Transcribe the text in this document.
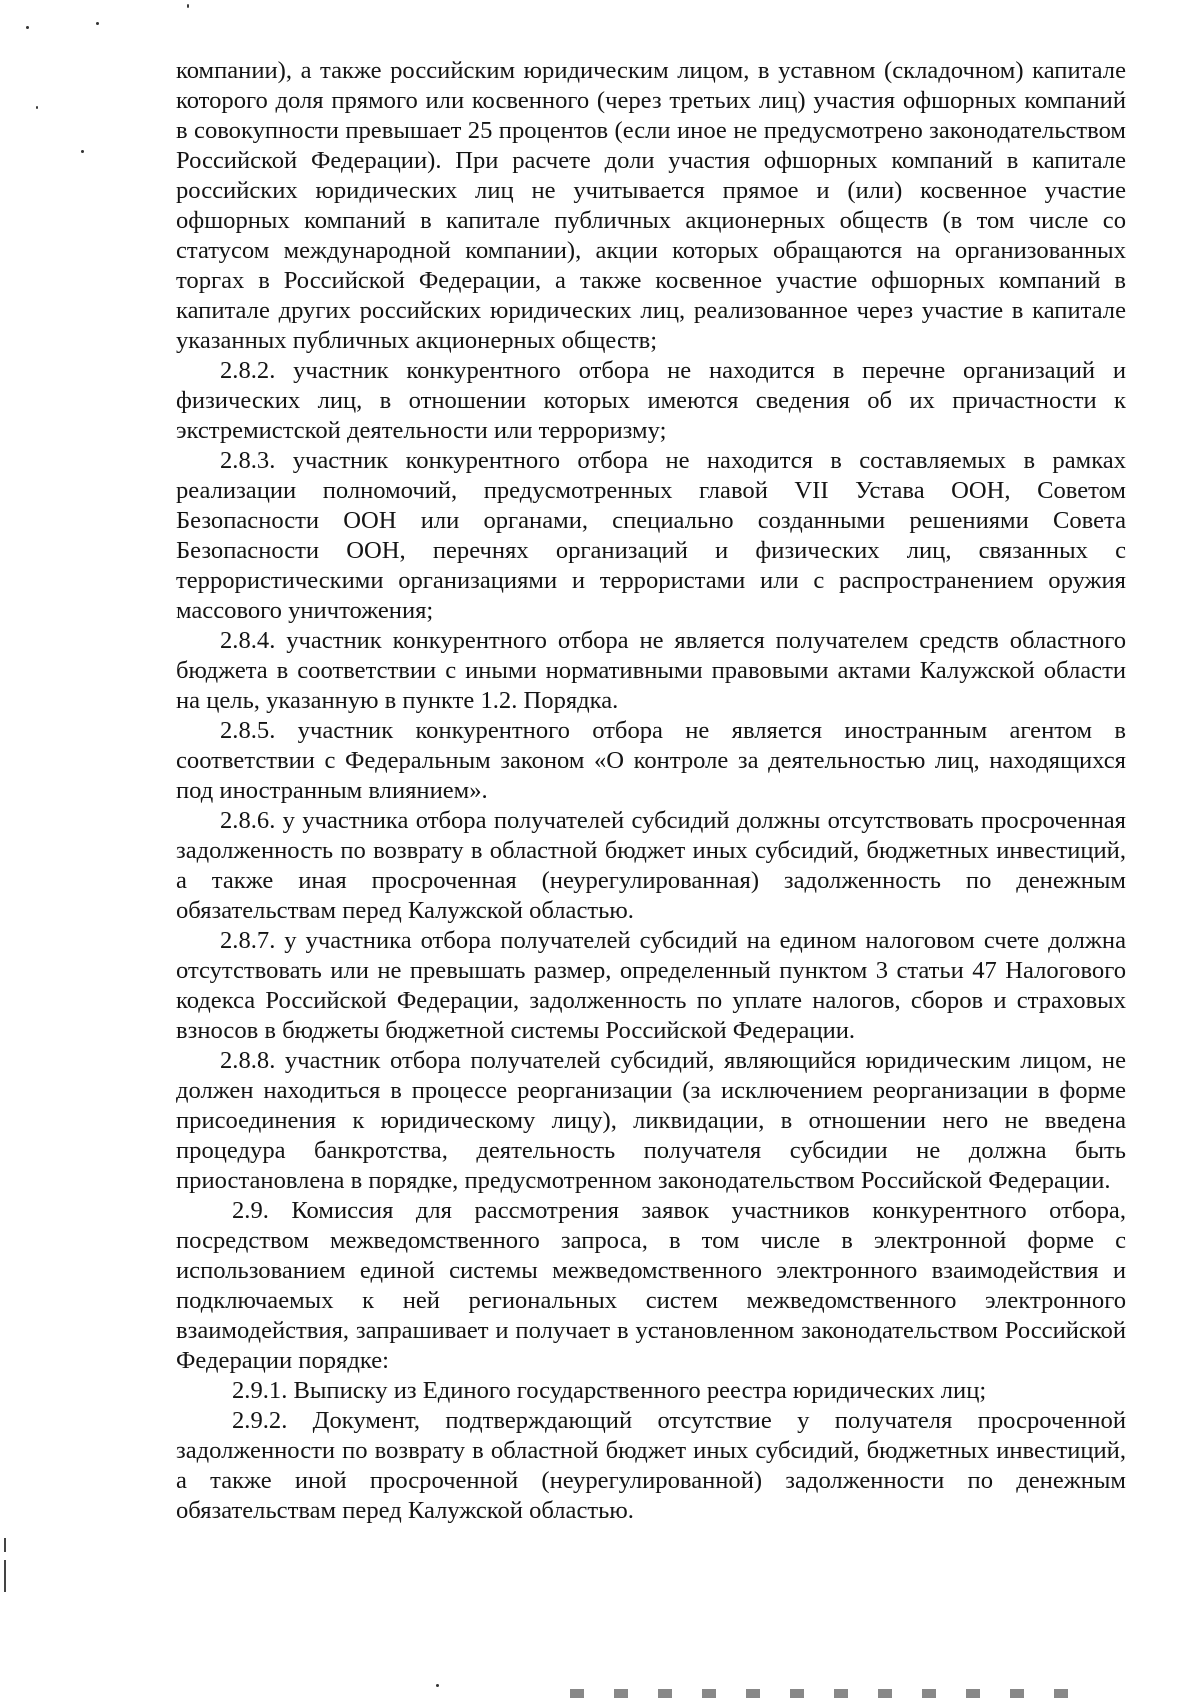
компании), а также российским юридическим лицом, в уставном (складочном) капитале которого доля прямого или косвенного (через третьих лиц) участия офшорных компаний в совокупности превышает 25 процентов (если иное не предусмотрено законодательством Российской Федерации). При расчете доли участия офшорных компаний в капитале российских юридических лиц не учитывается прямое и (или) косвенное участие офшорных компаний в капитале публичных акционерных обществ (в том числе со статусом международной компании), акции которых обращаются на организованных торгах в Российской Федерации, а также косвенное участие офшорных компаний в капитале других российских юридических лиц, реализованное через участие в капитале указанных публичных акционерных обществ;

2.8.2. участник конкурентного отбора не находится в перечне организаций и физических лиц, в отношении которых имеются сведения об их причастности к экстремистской деятельности или терроризму;

2.8.3. участник конкурентного отбора не находится в составляемых в рамках реализации полномочий, предусмотренных главой VII Устава ООН, Советом Безопасности ООН или органами, специально созданными решениями Совета Безопасности ООН, перечнях организаций и физических лиц, связанных с террористическими организациями и террористами или с распространением оружия массового уничтожения;

2.8.4. участник конкурентного отбора не является получателем средств областного бюджета в соответствии с иными нормативными правовыми актами Калужской области на цель, указанную в пункте 1.2. Порядка.

2.8.5. участник конкурентного отбора не является иностранным агентом в соответствии с Федеральным законом «О контроле за деятельностью лиц, находящихся под иностранным влиянием».

2.8.6. у участника отбора получателей субсидий должны отсутствовать просроченная задолженность по возврату в областной бюджет иных субсидий, бюджетных инвестиций, а также иная просроченная (неурегулированная) задолженность по денежным обязательствам перед Калужской областью.

2.8.7. у участника отбора получателей субсидий на едином налоговом счете должна отсутствовать или не превышать размер, определенный пунктом 3 статьи 47 Налогового кодекса Российской Федерации, задолженность по уплате налогов, сборов и страховых взносов в бюджеты бюджетной системы Российской Федерации.

2.8.8. участник отбора получателей субсидий, являющийся юридическим лицом, не должен находиться в процессе реорганизации (за исключением реорганизации в форме присоединения к юридическому лицу), ликвидации, в отношении него не введена процедура банкротства, деятельность получателя субсидии не должна быть приостановлена в порядке, предусмотренном законодательством Российской Федерации.

2.9. Комиссия для рассмотрения заявок участников конкурентного отбора, посредством межведомственного запроса, в том числе в электронной форме с использованием единой системы межведомственного электронного взаимодействия и подключаемых к ней региональных систем межведомственного электронного взаимодействия, запрашивает и получает в установленном законодательством Российской Федерации порядке:

2.9.1. Выписку из Единого государственного реестра юридических лиц;

2.9.2. Документ, подтверждающий отсутствие у получателя просроченной задолженности по возврату в областной бюджет иных субсидий, бюджетных инвестиций, а также иной просроченной (неурегулированной) задолженности по денежным обязательствам перед Калужской областью.
